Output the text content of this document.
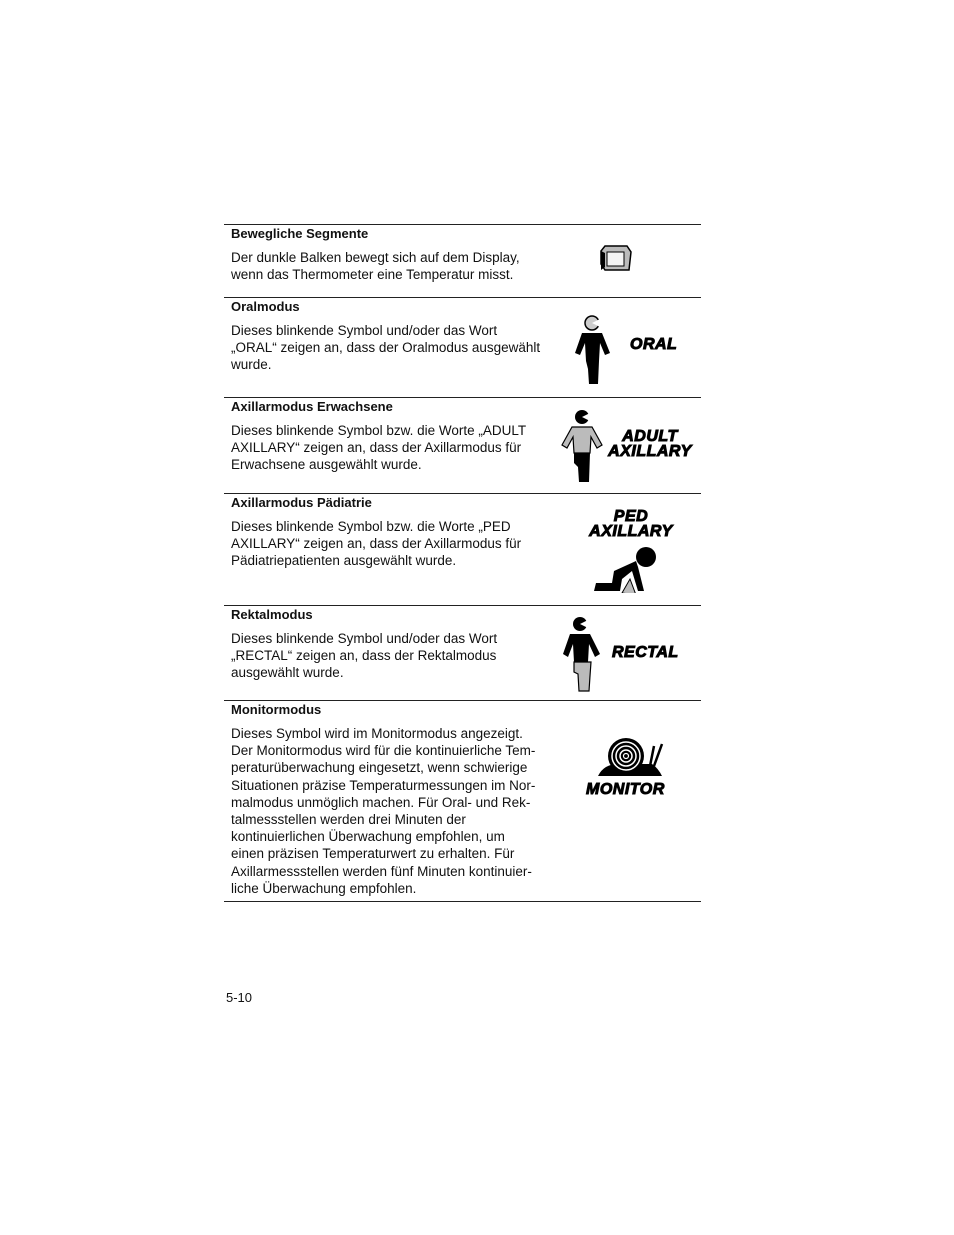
Bewegliche Segmente
Der dunkle Balken bewegt sich auf dem Display,
wenn das Thermometer eine Temperatur misst.
Oralmodus
Dieses blinkende Symbol und/oder das Wort
„ORAL“ zeigen an, dass der Oralmodus ausgewählt
wurde.
Axillarmodus Erwachsene
Dieses blinkende Symbol bzw. die Worte „ADULT
AXILLARY“ zeigen an, dass der Axillarmodus für
Erwachsene ausgewählt wurde.
Axillarmodus Pädiatrie
Dieses blinkende Symbol bzw. die Worte „PED
AXILLARY“ zeigen an, dass der Axillarmodus für
Pädiatriepatienten ausgewählt wurde.
Rektalmodus
Dieses blinkende Symbol und/oder das Wort
„RECTAL“ zeigen an, dass der Rektalmodus
ausgewählt wurde.
Monitormodus
Dieses Symbol wird im Monitormodus angezeigt.
Der Monitormodus wird für die kontinuierliche Tem-
peraturüberwachung eingesetzt, wenn schwierige
Situationen präzise Temperaturmessungen im Nor-
malmodus unmöglich machen. Für Oral- und Rek-
talmessstellen werden drei Minuten der
kontinuierlichen Überwachung empfohlen, um
einen präzisen Temperaturwert zu erhalten. Für
Axillarmessstellen werden fünf Minuten kontinuier-
liche Überwachung empfohlen.
ORAL
ADULT
AXILLARY
PED
AXILLARY
RECTAL
MONITOR
5-10
